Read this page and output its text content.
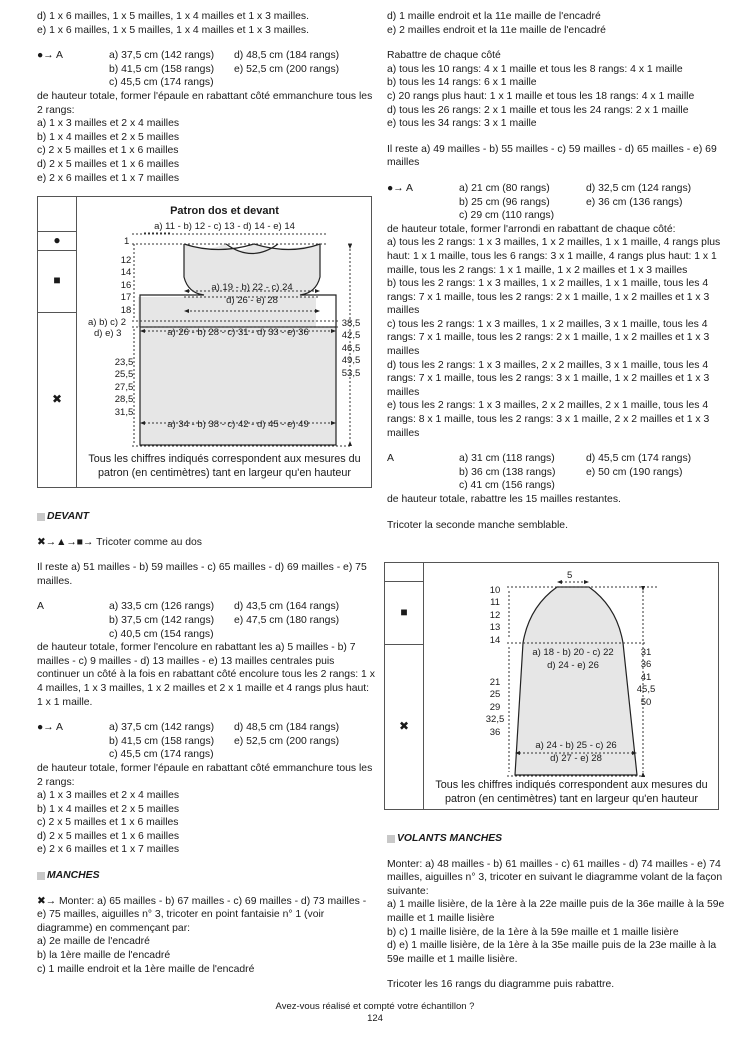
d) 1 x 6 mailles, 1 x 5 mailles, 1 x 4 mailles et 1 x 3 mailles.

e) 1 x 6 mailles, 1 x 5 mailles, 1 x 4 mailles et 1 x 3 mailles.

●→ A	a) 37,5 cm (142 rangs)	d) 48,5 cm (184 rangs)
b) 41,5 cm (158 rangs)	e) 52,5 cm (200 rangs)
c) 45,5 cm (174 rangs)

de hauteur totale, former l'épaule en rabattant côté emmanchure tous les 2 rangs:

a) 1 x 3 mailles et 2 x 4 mailles

b) 1 x 4 mailles et 2 x 5 mailles

c) 2 x 5 mailles et 1 x 6 mailles

d) 2 x 5 mailles et 1 x 6 mailles

e) 2 x 6 mailles et 1 x 7 mailles

●
■
✖
Patron dos et devant
a) 11 - b) 12 - c) 13 - d) 14 - e) 14
1
12
14
16
17
18
a) b) c) 2
d) e) 3
a) 19 - b) 22 - c) 24
d) 26 - e) 28
a) 26 - b) 28 - c) 31 - d) 33 - e) 36
23,5
25,5
27,5
28,5
31,5
38,5
42,5
46,5
49,5
53,5
a) 34 - b) 38 - c) 42 - d) 45 - e) 49
Tous les chiffres indiqués correspondent aux mesures du patron (en centimètres) tant en largeur qu'en hauteur

DEVANT

✖→▲→■→ Tricoter comme au dos

Il reste a) 51 mailles - b) 59 mailles - c) 65 mailles - d) 69 mailles - e) 75 mailles.

A	a) 33,5 cm (126 rangs)	d) 43,5 cm (164 rangs)
b) 37,5 cm (142 rangs)	e) 47,5 cm (180 rangs)
c) 40,5 cm (154 rangs)

de hauteur totale, former l'encolure en rabattant les a) 5 mailles - b) 7 mailles - c) 9 mailles - d) 13 mailles - e) 13 mailles centrales puis continuer un côté à la fois en rabattant côté encolure tous les 2 rangs: 1 x 4 mailles, 1 x 3 mailles, 1 x 2 mailles et 2 x 1 maille et 4 rangs plus haut: 1 x 1 maille.

●→ A	a) 37,5 cm (142 rangs)	d) 48,5 cm (184 rangs)
b) 41,5 cm (158 rangs)	e) 52,5 cm (200 rangs)
c) 45,5 cm (174 rangs)

de hauteur totale, former l'épaule en rabattant côté emmanchure tous les 2 rangs:

a) 1 x 3 mailles et 2 x 4 mailles

b) 1 x 4 mailles et 2 x 5 mailles

c) 2 x 5 mailles et 1 x 6 mailles

d) 2 x 5 mailles et 1 x 6 mailles

e) 2 x 6 mailles et 1 x 7 mailles

MANCHES

✖→ Monter: a) 65 mailles - b) 67 mailles - c) 69 mailles - d) 73 mailles - e) 75 mailles, aiguilles n° 3, tricoter en point fantaisie n° 1 (voir diagramme) en commençant par:

a) 2e maille de l'encadré

b) la 1ère maille de l'encadré

c) 1 maille endroit et la 1ère maille de l'encadré

d) 1 maille endroit et la 11e maille de l'encadré

e) 2 mailles endroit et la 11e maille de l'encadré

Rabattre de chaque côté

a) tous les 10 rangs: 4 x 1 maille et tous les 8 rangs: 4 x 1 maille

b) tous les 14 rangs: 6 x 1 maille

c) 20 rangs plus haut: 1 x 1 maille et tous les 18 rangs: 4 x 1 maille

d) tous les 26 rangs: 2 x 1 maille et tous les 24 rangs: 2 x 1 maille

e) tous les 34 rangs: 3 x 1 maille

Il reste a) 49 mailles - b) 55 mailles - c) 59 mailles - d) 65 mailles - e) 69 mailles

●→ A	a) 21 cm (80 rangs)	d) 32,5 cm (124 rangs)
b) 25 cm (96 rangs)	e) 36 cm (136 rangs)
c) 29 cm (110 rangs)

de hauteur totale, former l'arrondi en rabattant de chaque côté:

a) tous les 2 rangs: 1 x 3 mailles, 1 x 2 mailles, 1 x 1 maille, 4 rangs plus haut: 1 x 1 maille, tous les 6 rangs: 3 x 1 maille, 4 rangs plus haut: 1 x 1 maille, tous les 2 rangs: 1 x 1 maille, 1 x 2 mailles et 1 x 3 mailles

b) tous les 2 rangs: 1 x 3 mailles, 1 x 2 mailles, 1 x 1 maille, tous les 4 rangs: 7 x 1 maille, tous les 2 rangs: 2 x 1 maille, 1 x 2 mailles et 1 x 3 mailles

c) tous les 2 rangs: 1 x 3 mailles, 1 x 2 mailles, 3 x 1 maille, tous les 4 rangs: 7 x 1 maille, tous les 2 rangs: 2 x 1 maille, 1 x 2 mailles et 1 x 3 mailles

d) tous les 2 rangs: 1 x 3 mailles, 2 x 2 mailles, 3 x 1 maille, tous les 4 rangs: 7 x 1 maille, tous les 2 rangs: 3 x 1 maille, 1 x 2 mailles et 1 x 3 mailles

e) tous les 2 rangs: 1 x 3 mailles, 2 x 2 mailles, 2 x 1 maille, tous les 4 rangs: 8 x 1 maille, tous les 2 rangs: 3 x 1 maille, 2 x 2 mailles et 1 x 3 mailles

A	a) 31 cm (118 rangs)	d) 45,5 cm (174 rangs)
b) 36 cm (138 rangs)	e) 50 cm (190 rangs)
c) 41 cm (156 rangs)

de hauteur totale, rabattre les 15 mailles restantes.

Tricoter la seconde manche semblable.

■
✖
5
10
11
12
13
14
a) 18 - b) 20 - c) 22
d) 24 - e) 26
21
25
29
32,5
36
31
36
41
45,5
50
a) 24 - b) 25 - c) 26
d) 27 - e) 28
Tous les chiffres indiqués correspondent aux mesures du patron (en centimètres) tant en largeur qu'en hauteur

VOLANTS MANCHES

Monter: a) 48 mailles - b) 61 mailles - c) 61 mailles - d) 74 mailles - e) 74 mailles, aiguilles n° 3, tricoter en suivant le diagramme volant de la façon suivante:

a) 1 maille lisière, de la 1ère à la 22e maille puis de la 36e maille à la 59e maille et 1 maille lisière

b) c) 1 maille lisière, de la 1ère à la 59e maille et 1 maille lisière

d) e) 1 maille lisière, de la 1ère à la 35e maille puis de la 23e maille à la 59e maille et 1 maille lisière.

Tricoter les 16 rangs du diagramme puis rabattre.

Avez-vous réalisé et compté votre échantillon ?
124
